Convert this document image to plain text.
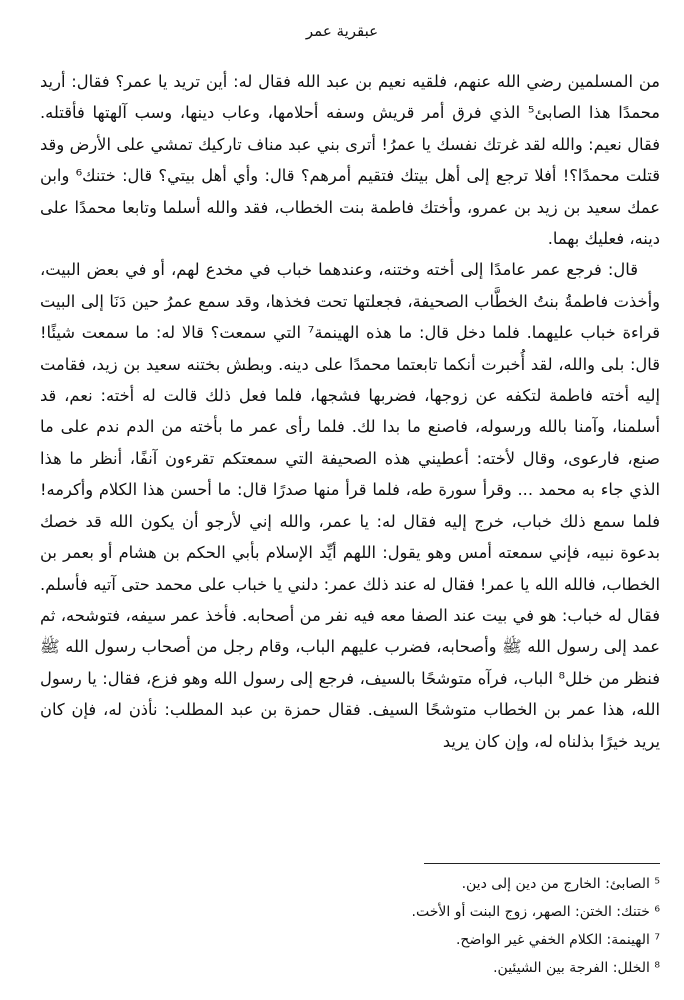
عبقرية عمر

من المسلمين رضي الله عنهم، فلقيه نعيم بن عبد الله فقال له: أين تريد يا عمر؟ فقال: أريد محمدًا هذا الصابئ⁵ الذي فرق أمر قريش وسفه أحلامها، وعاب دينها، وسب آلهتها فأقتله. فقال نعيم: والله لقد غرتك نفسك يا عمرُ! أترى بني عبد مناف تاركيك تمشي على الأرض وقد قتلت محمدًا؟! أفلا ترجع إلى أهل بيتك فتقيم أمرهم؟ قال: وأي أهل بيتي؟ قال: ختنك⁶ وابن عمك سعيد بن زيد بن عمرو، وأختك فاطمة بنت الخطاب، فقد والله أسلما وتابعا محمدًا على دينه، فعليك بهما.

قال: فرجع عمر عامدًا إلى أخته وختنه، وعندهما خباب في مخدع لهم، أو في بعض البيت، وأخذت فاطمةُ بنتُ الخطَّاب الصحيفة، فجعلتها تحت فخذها، وقد سمع عمرُ حين دَنَا إلى البيت قراءة خباب عليهما. فلما دخل قال: ما هذه الهينمة⁷ التي سمعت؟ قالا له: ما سمعت شيئًا! قال: بلى والله، لقد أُخبرت أنكما تابعتما محمدًا على دينه. وبطش بختنه سعيد بن زيد، فقامت إليه أخته فاطمة لتكفه عن زوجها، فضربها فشجها، فلما فعل ذلك قالت له أخته: نعم، قد أسلمنا، وآمنا بالله ورسوله، فاصنع ما بدا لك. فلما رأى عمر ما بأخته من الدم ندم على ما صنع، فارعوى، وقال لأخته: أعطيني هذه الصحيفة التي سمعتكم تقرءون آنفًا، أنظر ما هذا الذي جاء به محمد ... وقرأ سورة طه، فلما قرأ منها صدرًا قال: ما أحسن هذا الكلام وأكرمه! فلما سمع ذلك خباب، خرج إليه فقال له: يا عمر، والله إني لأرجو أن يكون الله قد خصك بدعوة نبيه، فإني سمعته أمس وهو يقول: اللهم أيِّد الإسلام بأبي الحكم بن هشام أو بعمر بن الخطاب، فالله الله يا عمر! فقال له عند ذلك عمر: دلني يا خباب على محمد حتى آتيه فأسلم. فقال له خباب: هو في بيت عند الصفا معه فيه نفر من أصحابه. فأخذ عمر سيفه، فتوشحه، ثم عمد إلى رسول الله ﷺ وأصحابه، فضرب عليهم الباب، وقام رجل من أصحاب رسول الله ﷺ فنظر من خلل⁸ الباب، فرآه متوشحًا بالسيف، فرجع إلى رسول الله وهو فزع، فقال: يا رسول الله، هذا عمر بن الخطاب متوشحًا السيف. فقال حمزة بن عبد المطلب: نأذن له، فإن كان يريد خيرًا بذلناه له، وإن كان يريد

⁵ الصابئ: الخارج من دين إلى دين.
⁶ ختنك: الختن: الصهر، زوج البنت أو الأخت.
⁷ الهينمة: الكلام الخفي غير الواضح.
⁸ الخلل: الفرجة بين الشيئين.
